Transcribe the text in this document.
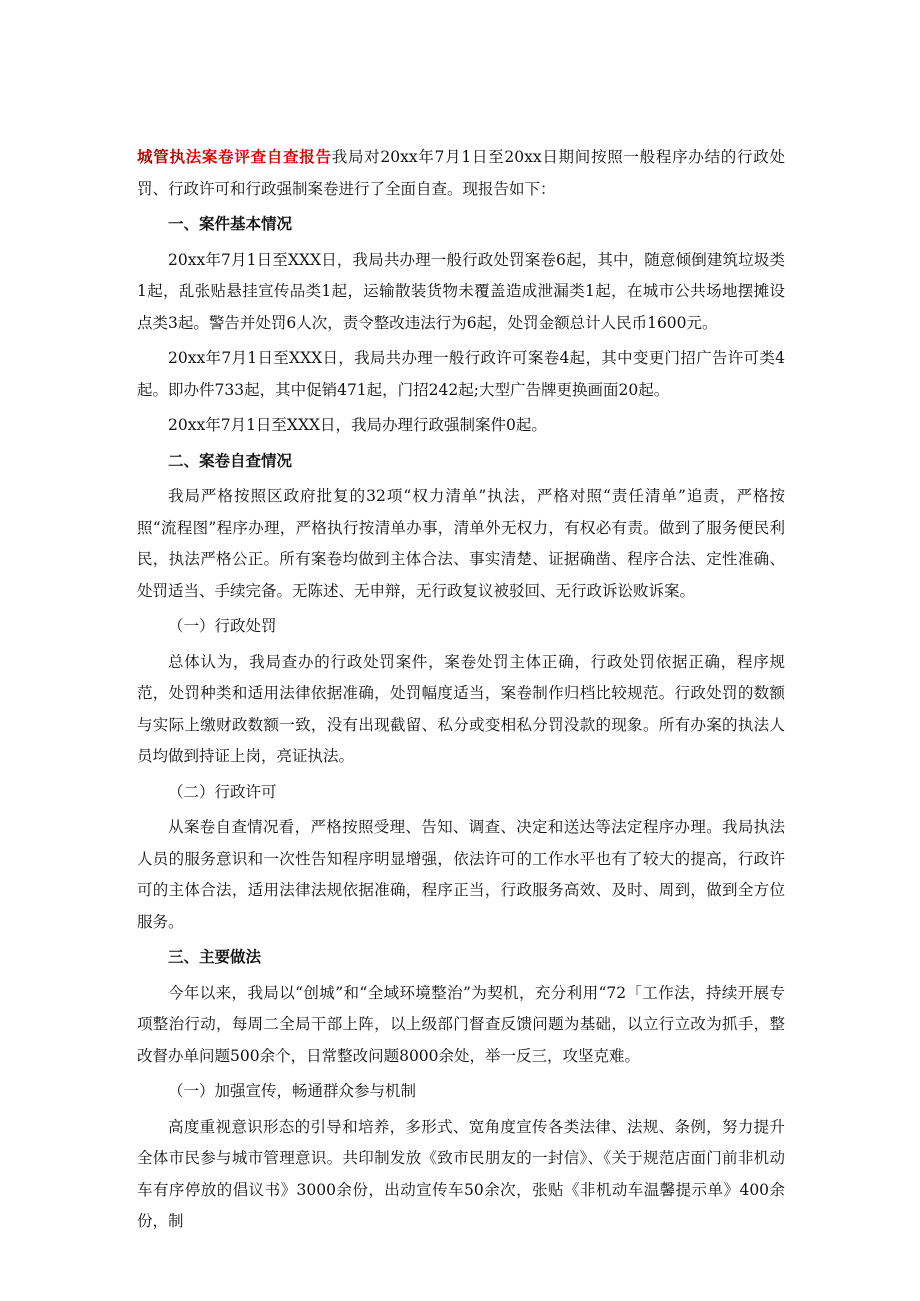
城管执法案卷评查自查报告我局对20xx年7月1日至20xx日期间按照一般程序办结的行政处罚、行政许可和行政强制案卷进行了全面自查。现报告如下：

一、案件基本情况

20xx年7月1日至XXX日，我局共办理一般行政处罚案卷6起，其中，随意倾倒建筑垃圾类1起，乱张贴悬挂宣传品类1起，运输散装货物未覆盖造成泄漏类1起，在城市公共场地摆摊设点类3起。警告并处罚6人次，责令整改违法行为6起，处罚金额总计人民币1600元。

20xx年7月1日至XXX日，我局共办理一般行政许可案卷4起，其中变更门招广告许可类4起。即办件733起，其中促销471起，门招242起;大型广告牌更换画面20起。

20xx年7月1日至XXX日，我局办理行政强制案件0起。

二、案卷自查情况

我局严格按照区政府批复的32项“权力清单”执法，严格对照“责任清单”追责，严格按照“流程图”程序办理，严格执行按清单办事，清单外无权力，有权必有责。做到了服务便民利民，执法严格公正。所有案卷均做到主体合法、事实清楚、证据确凿、程序合法、定性准确、处罚适当、手续完备。无陈述、无申辩，无行政复议被驳回、无行政诉讼败诉案。

（一）行政处罚

总体认为，我局查办的行政处罚案件，案卷处罚主体正确，行政处罚依据正确，程序规范，处罚种类和适用法律依据准确，处罚幅度适当，案卷制作归档比较规范。行政处罚的数额与实际上缴财政数额一致，没有出现截留、私分或变相私分罚没款的现象。所有办案的执法人员均做到持证上岗，亮证执法。

（二）行政许可

从案卷自查情况看，严格按照受理、告知、调查、决定和送达等法定程序办理。我局执法人员的服务意识和一次性告知程序明显增强，依法许可的工作水平也有了较大的提高，行政许可的主体合法，适用法律法规依据准确，程序正当，行政服务高效、及时、周到，做到全方位服务。

三、主要做法

今年以来，我局以“创城”和“全域环境整治”为契机，充分利用“72「工作法，持续开展专项整治行动，每周二全局干部上阵，以上级部门督查反馈问题为基础，以立行立改为抓手，整改督办单问题500余个，日常整改问题8000余处，举一反三，攻坚克难。

（一）加强宣传，畅通群众参与机制

高度重视意识形态的引导和培养，多形式、宽角度宣传各类法律、法规、条例，努力提升全体市民参与城市管理意识。共印制发放《致市民朋友的一封信》、《关于规范店面门前非机动车有序停放的倡议书》3000余份，出动宣传车50余次，张贴《非机动车温馨提示单》400余份，制
